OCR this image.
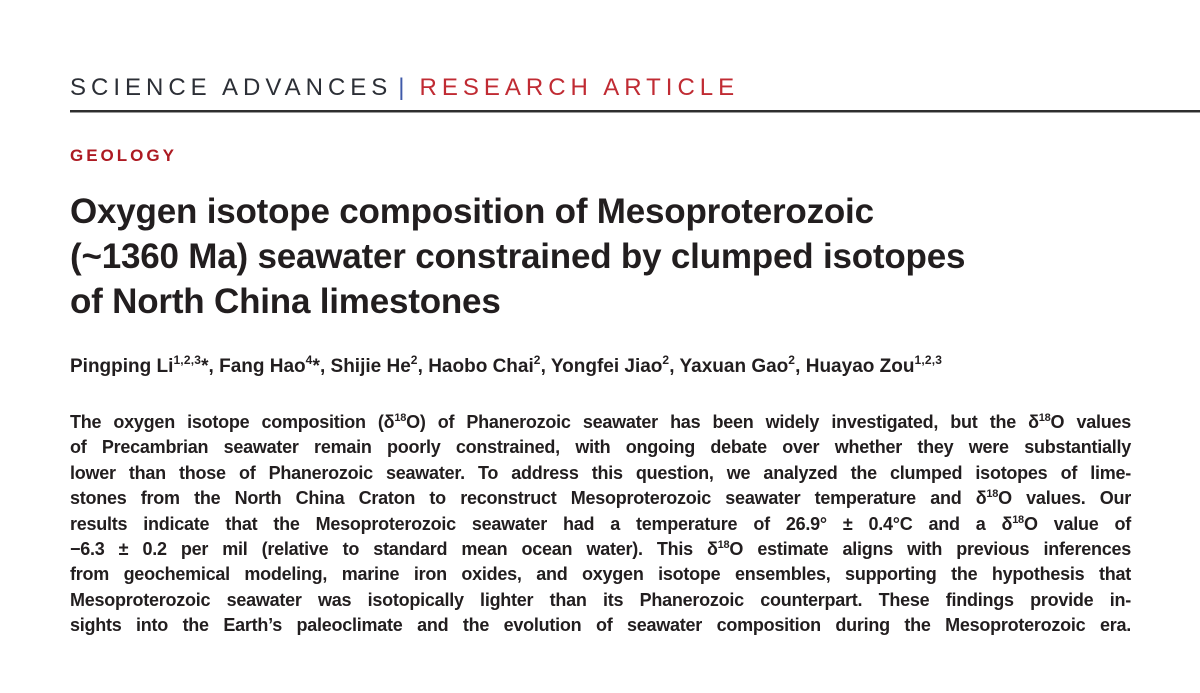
SCIENCE ADVANCES | RESEARCH ARTICLE
GEOLOGY
Oxygen isotope composition of Mesoproterozoic
(~1360 Ma) seawater constrained by clumped isotopes
of North China limestones
Pingping Li$^{1,2,3}$*, Fang Hao$^4$*, Shijie He$^2$, Haobo Chai$^2$, Yongfei Jiao$^2$, Yaxuan Gao$^2$, Huayao Zou$^{1,2,3}$
The oxygen isotope composition $(\delta^{18}O)$ of Phanerozoic seawater has been widely investigated, but the $\delta^{18}O$ values
of Precambrian seawater remain poorly constrained, with ongoing debate over whether they were substantially
lower than those of Phanerozoic seawater. To address this question, we analyzed the clumped isotopes of lime-
stones from the North China Craton to reconstruct Mesoproterozoic seawater temperature and $\delta^{18}O$ values. Our
results indicate that the Mesoproterozoic seawater had a temperature of 26.9° ± 0.4°C and a $\delta^{18}O$ value of
−6.3 ± 0.2 per mil (relative to standard mean ocean water). This $\delta^{18}O$ estimate aligns with previous inferences
from geochemical modeling, marine iron oxides, and oxygen isotope ensembles, supporting the hypothesis that
Mesoproterozoic seawater was isotopically lighter than its Phanerozoic counterpart. These findings provide in-
sights into the Earth’s paleoclimate and the evolution of seawater composition during the Mesoproterozoic era.
